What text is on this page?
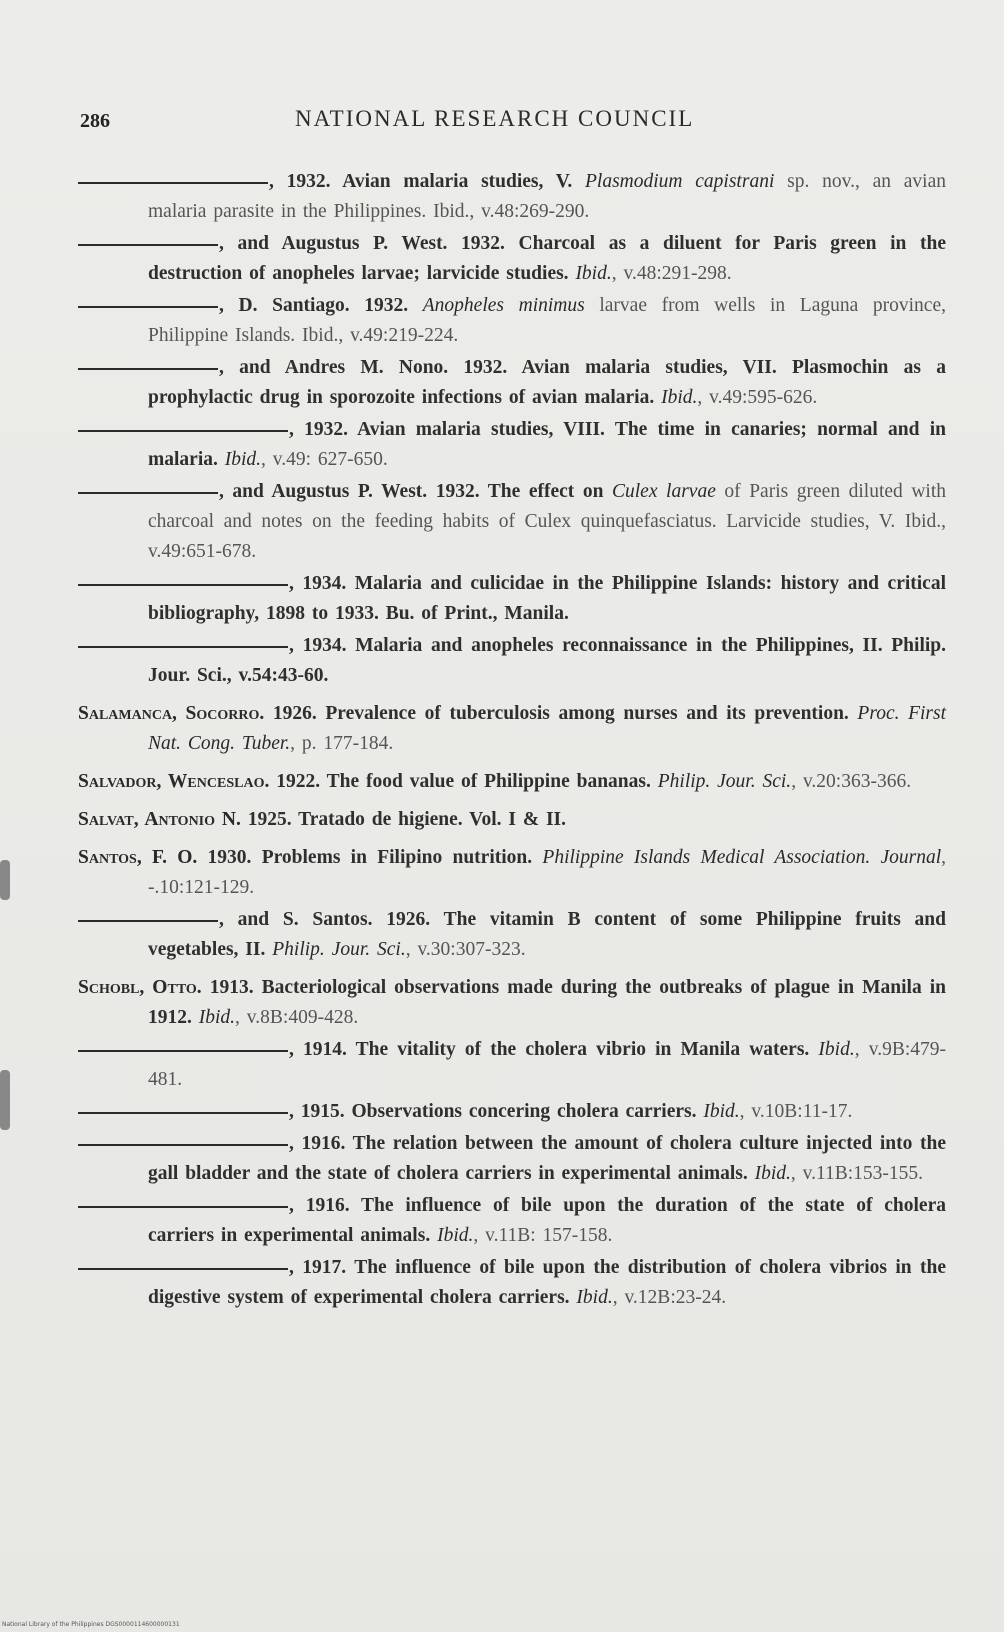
286	NATIONAL RESEARCH COUNCIL

, 1932. Avian malaria studies, V. Plasmodium capistrani sp. nov., an avian malaria parasite in the Philippines. Ibid., v.48:269-290.

, and Augustus P. West. 1932. Charcoal as a diluent for Paris green in the destruction of anopheles larvae; larvicide studies. Ibid., v.48:291-298.

, D. Santiago. 1932. Anopheles minimus larvae from wells in Laguna province, Philippine Islands. Ibid., v.49:219-224.

, and Andres M. Nono. 1932. Avian malaria studies, VII. Plasmochin as a prophylactic drug in sporozoite infections of avian malaria. Ibid., v.49:595-626.

, 1932. Avian malaria studies, VIII. The time in canaries; normal and in malaria. Ibid., v.49: 627-650.

, and Augustus P. West. 1932. The effect on Culex larvae of Paris green diluted with charcoal and notes on the feeding habits of Culex quinquefasciatus. Larvicide studies, V. Ibid., v.49:651-678.

, 1934. Malaria and culicidae in the Philippine Islands: history and critical bibliography, 1898 to 1933. Bu. of Print., Manila.

, 1934. Malaria and anopheles reconnaissance in the Philippines, II. Philip. Jour. Sci., v.54:43-60.

Salamanca, Socorro. 1926. Prevalence of tuberculosis among nurses and its prevention. Proc. First Nat. Cong. Tuber., p. 177-184.

Salvador, Wenceslao. 1922. The food value of Philippine bananas. Philip. Jour. Sci., v.20:363-366.

Salvat, Antonio N. 1925. Tratado de higiene. Vol. I & II.

Santos, F. O. 1930. Problems in Filipino nutrition. Philippine Islands Medical Association. Journal, -.10:121-129.

, and S. Santos. 1926. The vitamin B content of some Philippine fruits and vegetables, II. Philip. Jour. Sci., v.30:307-323.

Schobl, Otto. 1913. Bacteriological observations made during the outbreaks of plague in Manila in 1912. Ibid., v.8B:409-428.

, 1914. The vitality of the cholera vibrio in Manila waters. Ibid., v.9B:479-481.

, 1915. Observations concering cholera carriers. Ibid., v.10B:11-17.

, 1916. The relation between the amount of cholera culture injected into the gall bladder and the state of cholera carriers in experimental animals. Ibid., v.11B:153-155.

, 1916. The influence of bile upon the duration of the state of cholera carriers in experimental animals. Ibid., v.11B: 157-158.

, 1917. The influence of bile upon the distribution of cholera vibrios in the digestive system of experimental cholera carriers. Ibid., v.12B:23-24.

National Library of the Philippines DGS0000114600000131
